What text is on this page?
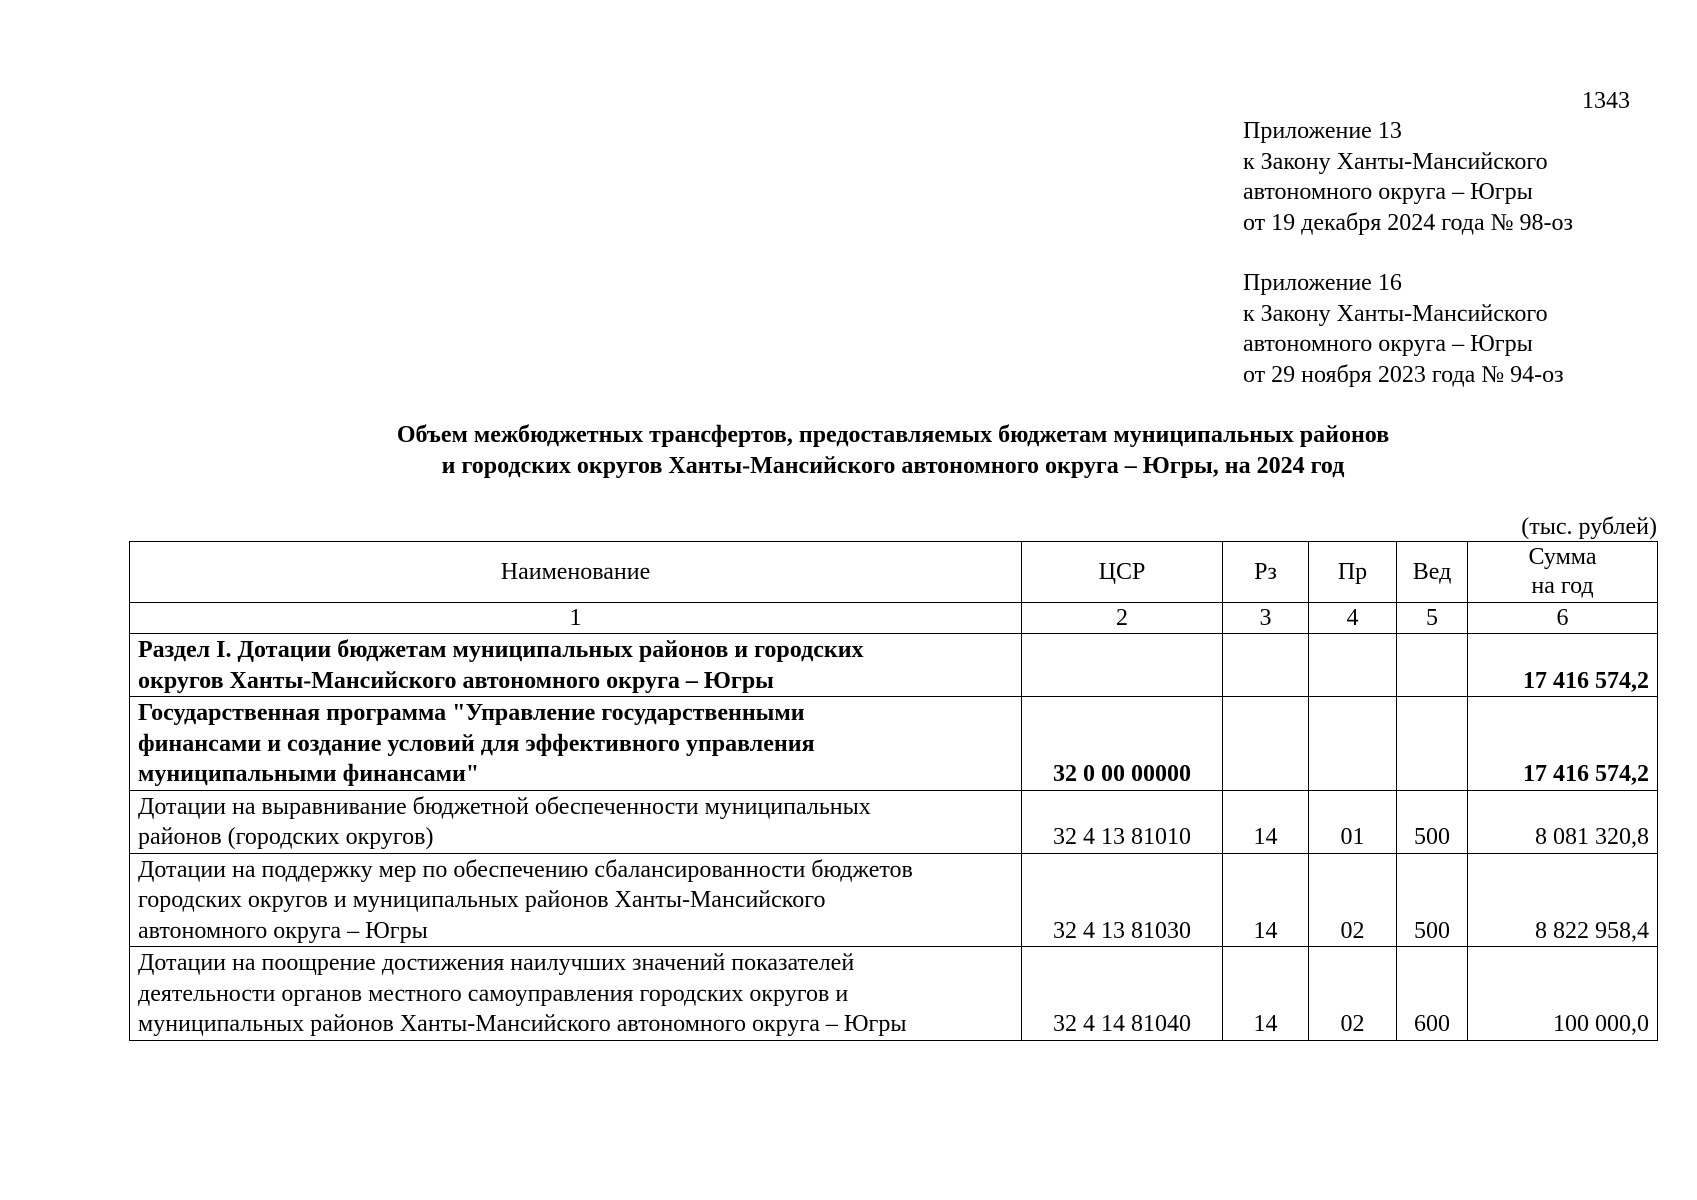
1343
Приложение 13
к Закону Ханты-Мансийского
автономного округа – Югры
от 19 декабря 2024 года № 98-оз
Приложение 16
к Закону Ханты-Мансийского
автономного округа – Югры
от 29 ноября 2023 года № 94-оз
Объем межбюджетных трансфертов, предоставляемых бюджетам муниципальных районов
и городских округов Ханты-Мансийского автономного округа – Югры, на 2024 год
(тыс. рублей)
Наименование	ЦСР	Рз	Пр	Вед	Сумма
на год

1	2	3	4	5	6

Раздел I. Дотации бюджетам муниципальных районов и городских
округов Ханты-Мансийского автономного округа – Югры					17 416 574,2

Государственная программа "Управление государственными
финансами и создание условий для эффективного управления
муниципальными финансами"	32 0 00 00000				17 416 574,2

Дотации на выравнивание бюджетной обеспеченности муниципальных
районов (городских округов)	32 4 13 81010	14	01	500	8 081 320,8

Дотации на поддержку мер по обеспечению сбалансированности бюджетов
городских округов и муниципальных районов Ханты-Мансийского
автономного округа – Югры	32 4 13 81030	14	02	500	8 822 958,4

Дотации на поощрение достижения наилучших значений показателей
деятельности органов местного самоуправления городских округов и
муниципальных районов Ханты-Мансийского автономного округа – Югры	32 4 14 81040	14	02	600	100 000,0
